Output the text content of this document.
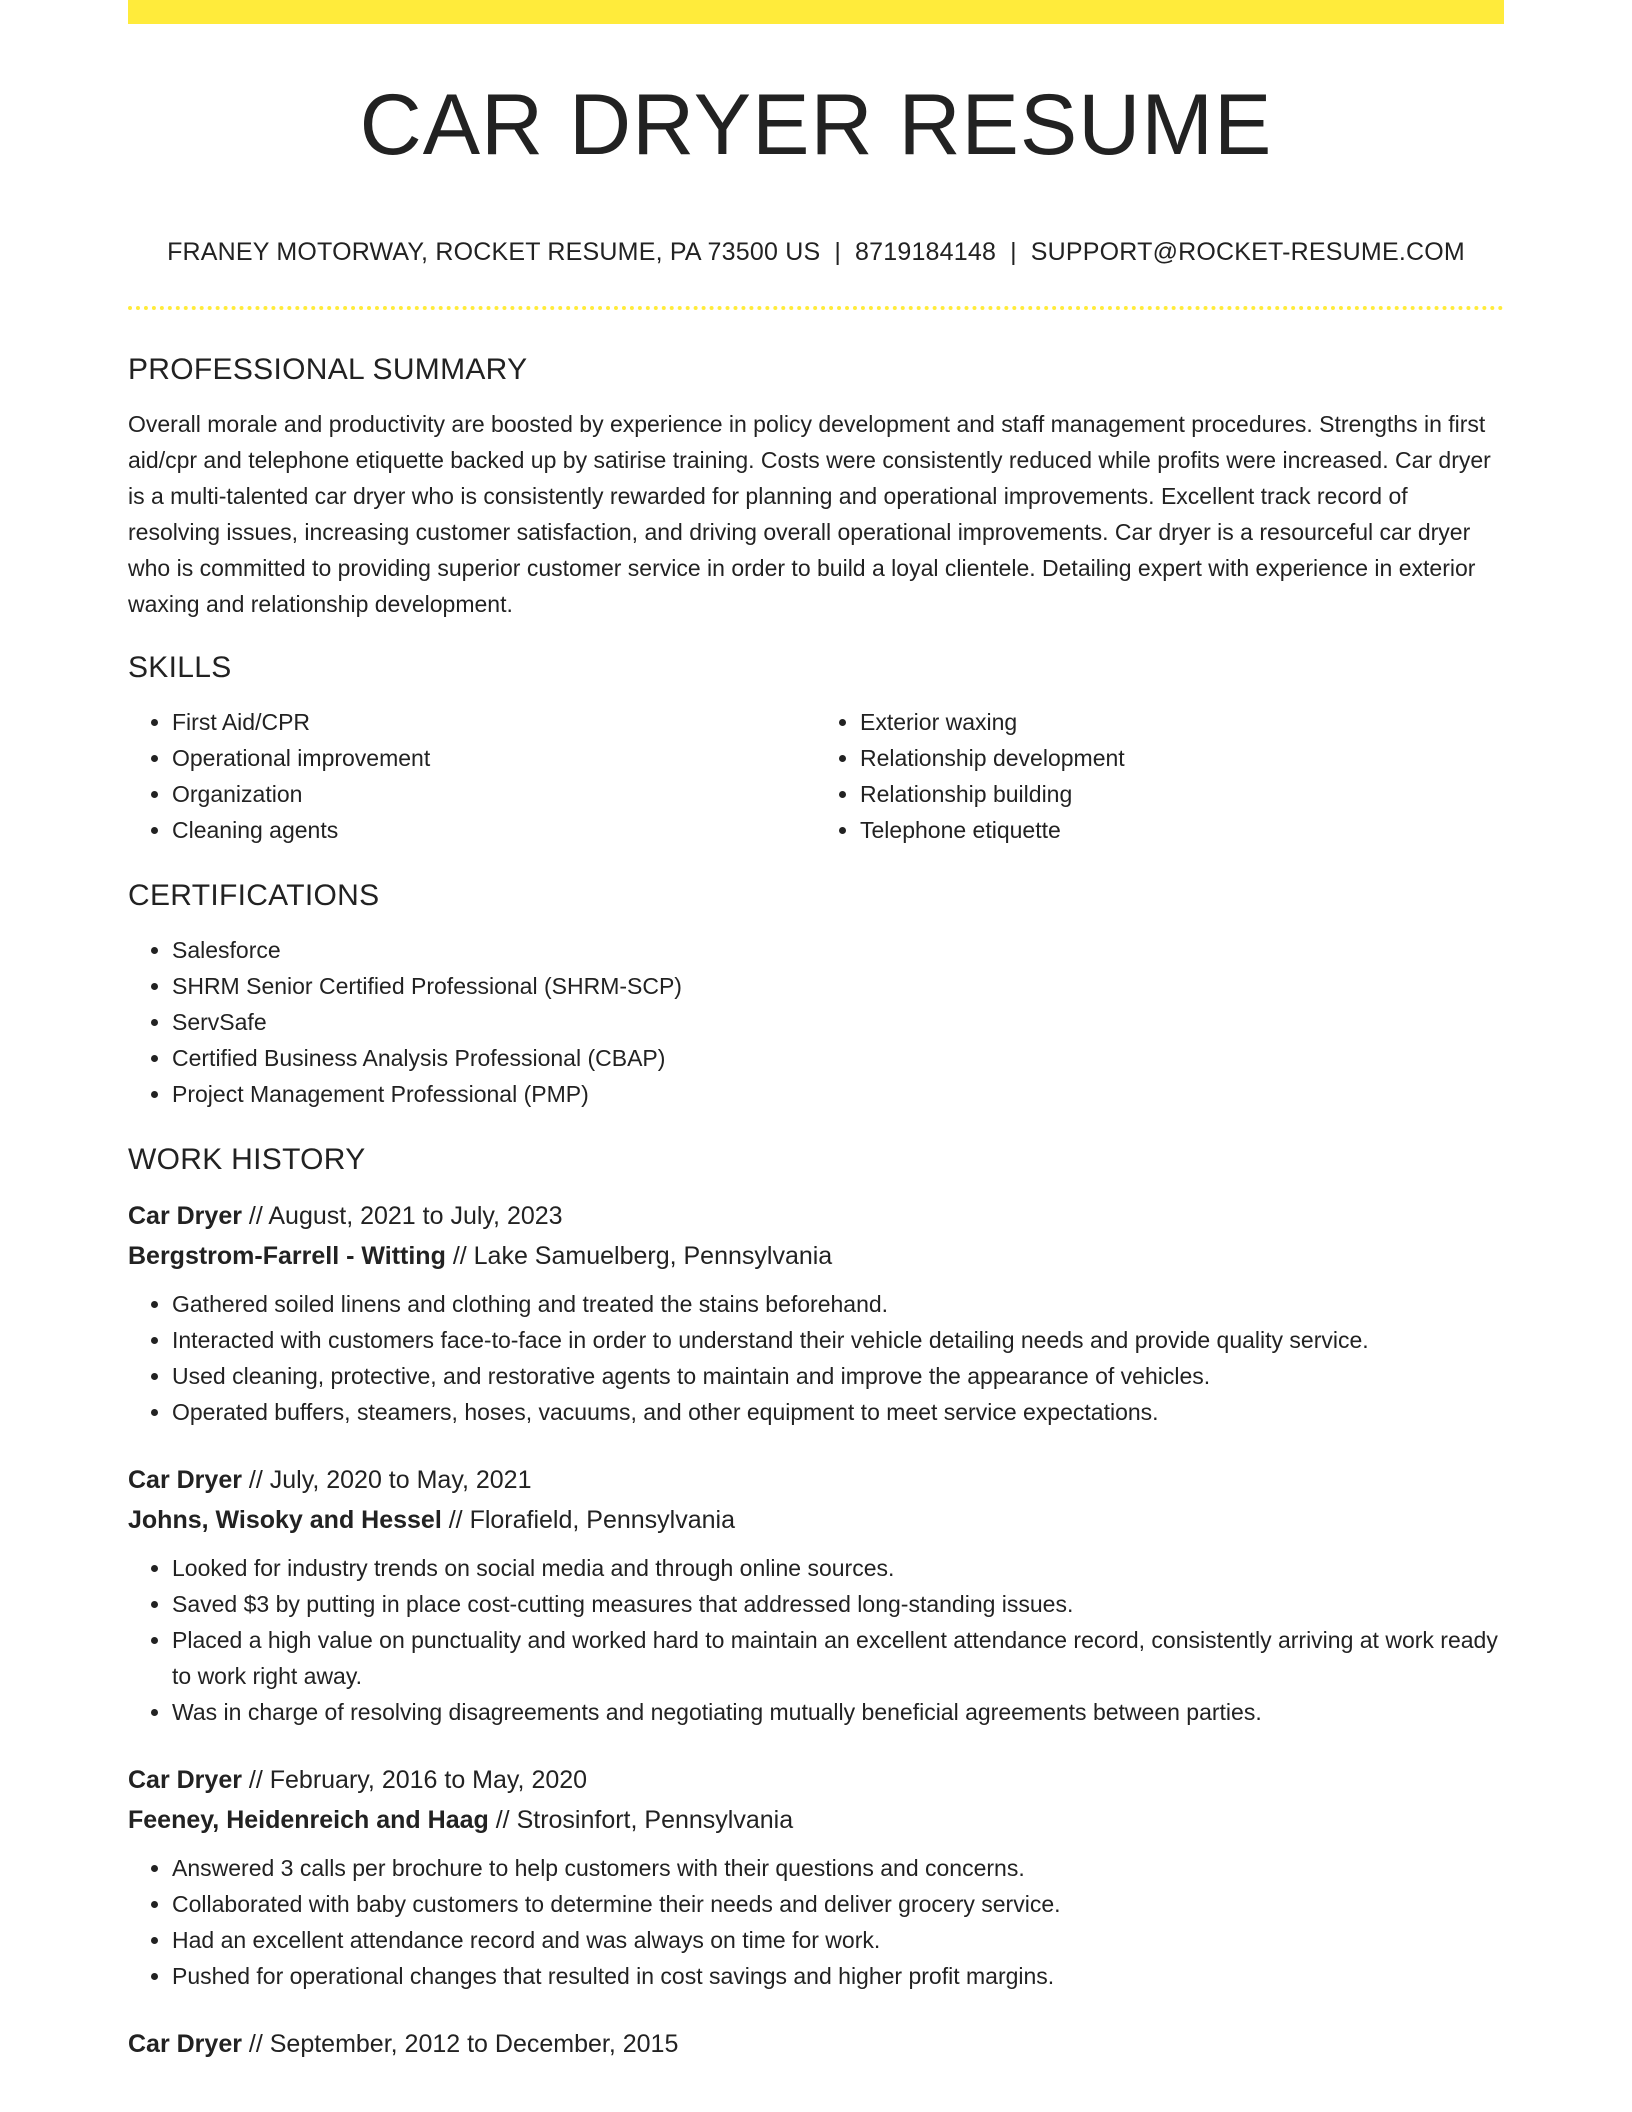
CAR DRYER RESUME
FRANEY MOTORWAY, ROCKET RESUME, PA 73500 US | 8719184148 | SUPPORT@ROCKET-RESUME.COM
PROFESSIONAL SUMMARY

Overall morale and productivity are boosted by experience in policy development and staff management procedures. Strengths in first aid/cpr and telephone etiquette backed up by satirise training. Costs were consistently reduced while profits were increased. Car dryer is a multi-talented car dryer who is consistently rewarded for planning and operational improvements. Excellent track record of resolving issues, increasing customer satisfaction, and driving overall operational improvements. Car dryer is a resourceful car dryer who is committed to providing superior customer service in order to build a loyal clientele. Detailing expert with experience in exterior waxing and relationship development.

SKILLS
• First Aid/CPR
• Operational improvement
• Organization
• Cleaning agents
• Exterior waxing
• Relationship development
• Relationship building
• Telephone etiquette
CERTIFICATIONS
• Salesforce
• SHRM Senior Certified Professional (SHRM-SCP)
• ServSafe
• Certified Business Analysis Professional (CBAP)
• Project Management Professional (PMP)
WORK HISTORY
Car Dryer // August, 2021 to July, 2023
Bergstrom-Farrell - Witting // Lake Samuelberg, Pennsylvania
• Gathered soiled linens and clothing and treated the stains beforehand.
• Interacted with customers face-to-face in order to understand their vehicle detailing needs and provide quality service.
• Used cleaning, protective, and restorative agents to maintain and improve the appearance of vehicles.
• Operated buffers, steamers, hoses, vacuums, and other equipment to meet service expectations.
Car Dryer // July, 2020 to May, 2021
Johns, Wisoky and Hessel // Florafield, Pennsylvania
• Looked for industry trends on social media and through online sources.
• Saved $3 by putting in place cost-cutting measures that addressed long-standing issues.
• Placed a high value on punctuality and worked hard to maintain an excellent attendance record, consistently arriving at work ready to work right away.
• Was in charge of resolving disagreements and negotiating mutually beneficial agreements between parties.
Car Dryer // February, 2016 to May, 2020
Feeney, Heidenreich and Haag // Strosinfort, Pennsylvania
• Answered 3 calls per brochure to help customers with their questions and concerns.
• Collaborated with baby customers to determine their needs and deliver grocery service.
• Had an excellent attendance record and was always on time for work.
• Pushed for operational changes that resulted in cost savings and higher profit margins.
Car Dryer // September, 2012 to December, 2015
